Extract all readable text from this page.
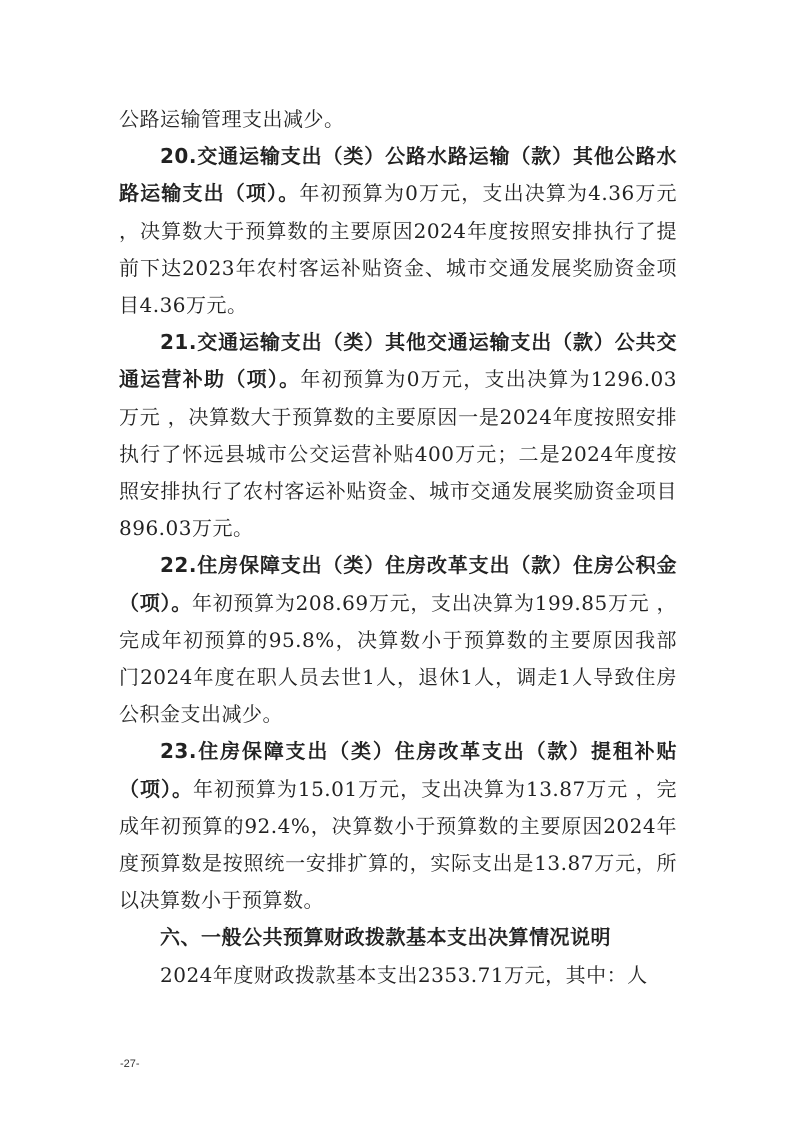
公路运输管理支出减少。

20.交通运输支出（类）公路水路运输（款）其他公路水路运输支出（项）。年初预算为0万元，支出决算为4.36万元 ，决算数大于预算数的主要原因2024年度按照安排执行了提前下达2023年农村客运补贴资金、城市交通发展奖励资金项目4.36万元。

21.交通运输支出（类）其他交通运输支出（款）公共交通运营补助（项）。年初预算为0万元，支出决算为1296.03万元 ，决算数大于预算数的主要原因一是2024年度按照安排执行了怀远县城市公交运营补贴400万元；二是2024年度按照安排执行了农村客运补贴资金、城市交通发展奖励资金项目896.03万元。

22.住房保障支出（类）住房改革支出（款）住房公积金（项）。年初预算为208.69万元，支出决算为199.85万元 ，完成年初预算的95.8%，决算数小于预算数的主要原因我部门2024年度在职人员去世1人，退休1人，调走1人导致住房公积金支出减少。

23.住房保障支出（类）住房改革支出（款）提租补贴（项）。年初预算为15.01万元，支出决算为13.87万元 ，完成年初预算的92.4%，决算数小于预算数的主要原因2024年度预算数是按照统一安排扩算的，实际支出是13.87万元，所以决算数小于预算数。

六、一般公共预算财政拨款基本支出决算情况说明

2024年度财政拨款基本支出2353.71万元，其中：人

-27-
